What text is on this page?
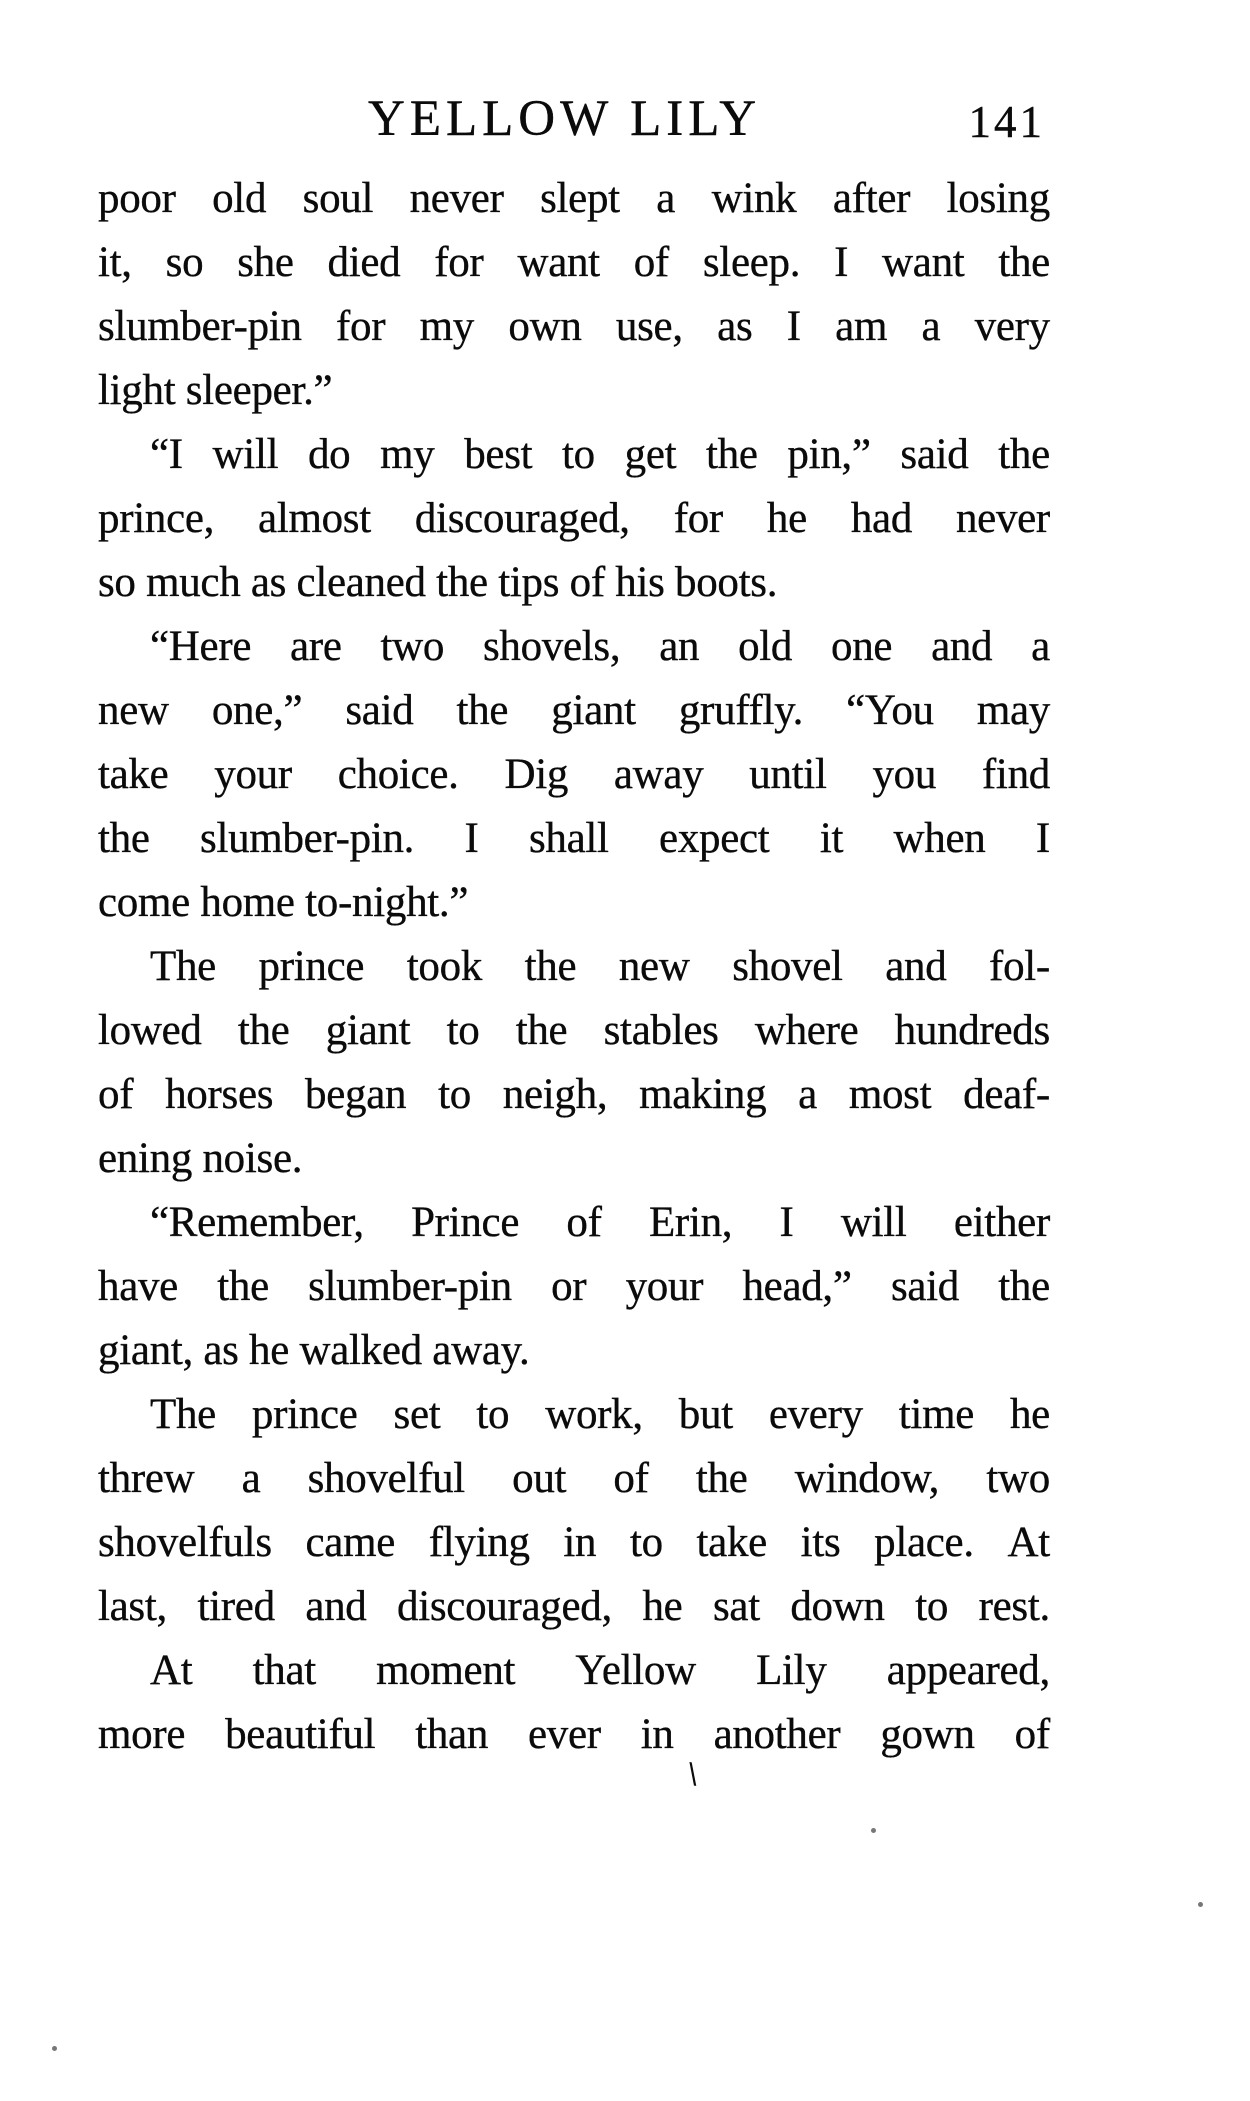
YELLOW LILY	141
poor old soul never slept a wink after losing
it, so she died for want of sleep. I want the
slumber-pin for my own use, as I am a very
light sleeper.”
“I will do my best to get the pin,” said the
prince, almost discouraged, for he had never
so much as cleaned the tips of his boots.
“Here are two shovels, an old one and a
new one,” said the giant gruffly. “You may
take your choice. Dig away until you find
the slumber-pin. I shall expect it when I
come home to-night.”
The prince took the new shovel and fol-
lowed the giant to the stables where hundreds
of horses began to neigh, making a most deaf-
ening noise.
“Remember, Prince of Erin, I will either
have the slumber-pin or your head,” said the
giant, as he walked away.
The prince set to work, but every time he
threw a shovelful out of the window, two
shovelfuls came flying in to take its place. At
last, tired and discouraged, he sat down to rest.
At that moment Yellow Lily appeared,
more beautiful than ever in another gown of
\
